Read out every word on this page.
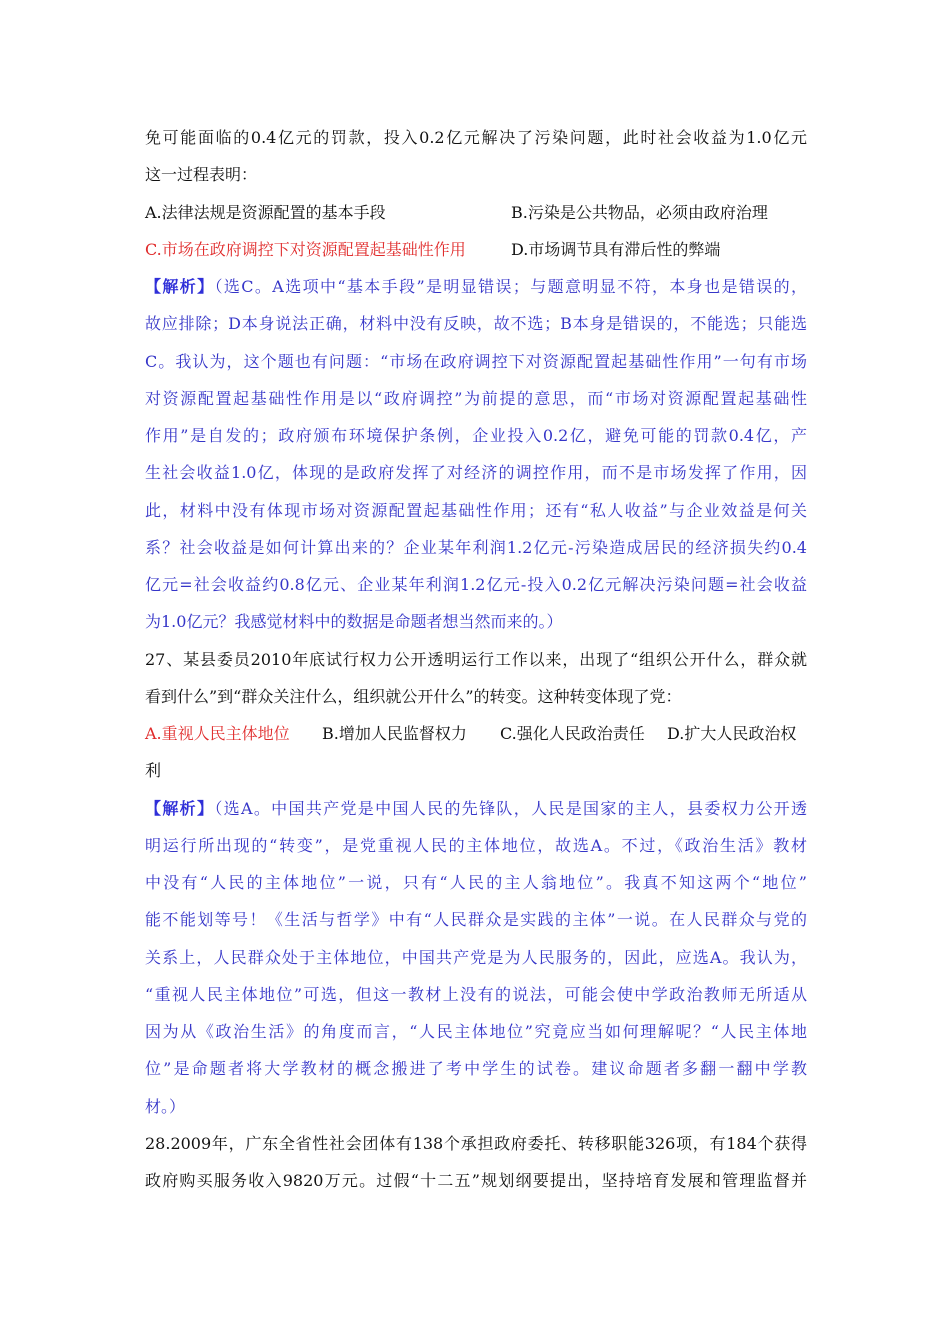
免可能面临的0.4亿元的罚款，投入0.2亿元解决了污染问题，此时社会收益为1.0亿元
这一过程表明：
A.法律法规是资源配置的基本手段	B.污染是公共物品，必须由政府治理
C.市场在政府调控下对资源配置起基础性作用	D.市场调节具有滞后性的弊端
【解析】（选C。A选项中“基本手段”是明显错误；与题意明显不符，本身也是错误的，
故应排除；D本身说法正确，材料中没有反映，故不选；B本身是错误的，不能选；只能选
C。我认为，这个题也有问题：“市场在政府调控下对资源配置起基础性作用”一句有市场
对资源配置起基础性作用是以“政府调控”为前提的意思，而“市场对资源配置起基础性
作用”是自发的；政府颁布环境保护条例，企业投入0.2亿，避免可能的罚款0.4亿，产
生社会收益1.0亿，体现的是政府发挥了对经济的调控作用，而不是市场发挥了作用，因
此，材料中没有体现市场对资源配置起基础性作用；还有“私人收益”与企业效益是何关
系？社会收益是如何计算出来的？企业某年利润1.2亿元-污染造成居民的经济损失约0.4
亿元=社会收益约0.8亿元、企业某年利润1.2亿元-投入0.2亿元解决污染问题=社会收益
为1.0亿元？我感觉材料中的数据是命题者想当然而来的。）
27、某县委员2010年底试行权力公开透明运行工作以来，出现了“组织公开什么，群众就
看到什么”到“群众关注什么，组织就公开什么”的转变。这种转变体现了党：
A.重视人民主体地位 B.增加人民监督权力 C.强化人民政治责任 D.扩大人民政治权
利
【解析】（选A。中国共产党是中国人民的先锋队，人民是国家的主人，县委权力公开透
明运行所出现的“转变”，是党重视人民的主体地位，故选A。不过，《政治生活》教材
中没有“人民的主体地位”一说，只有“人民的主人翁地位”。我真不知这两个“地位”
能不能划等号！《生活与哲学》中有“人民群众是实践的主体”一说。在人民群众与党的
关系上，人民群众处于主体地位，中国共产党是为人民服务的，因此，应选A。我认为，
“重视人民主体地位”可选，但这一教材上没有的说法，可能会使中学政治教师无所适从
因为从《政治生活》的角度而言，“人民主体地位”究竟应当如何理解呢？“人民主体地
位”是命题者将大学教材的概念搬进了考中学生的试卷。建议命题者多翻一翻中学教
材。）
28.2009年，广东全省性社会团体有138个承担政府委托、转移职能326项，有184个获得
政府购买服务收入9820万元。过假“十二五”规划纲要提出，坚持培育发展和管理监督并
